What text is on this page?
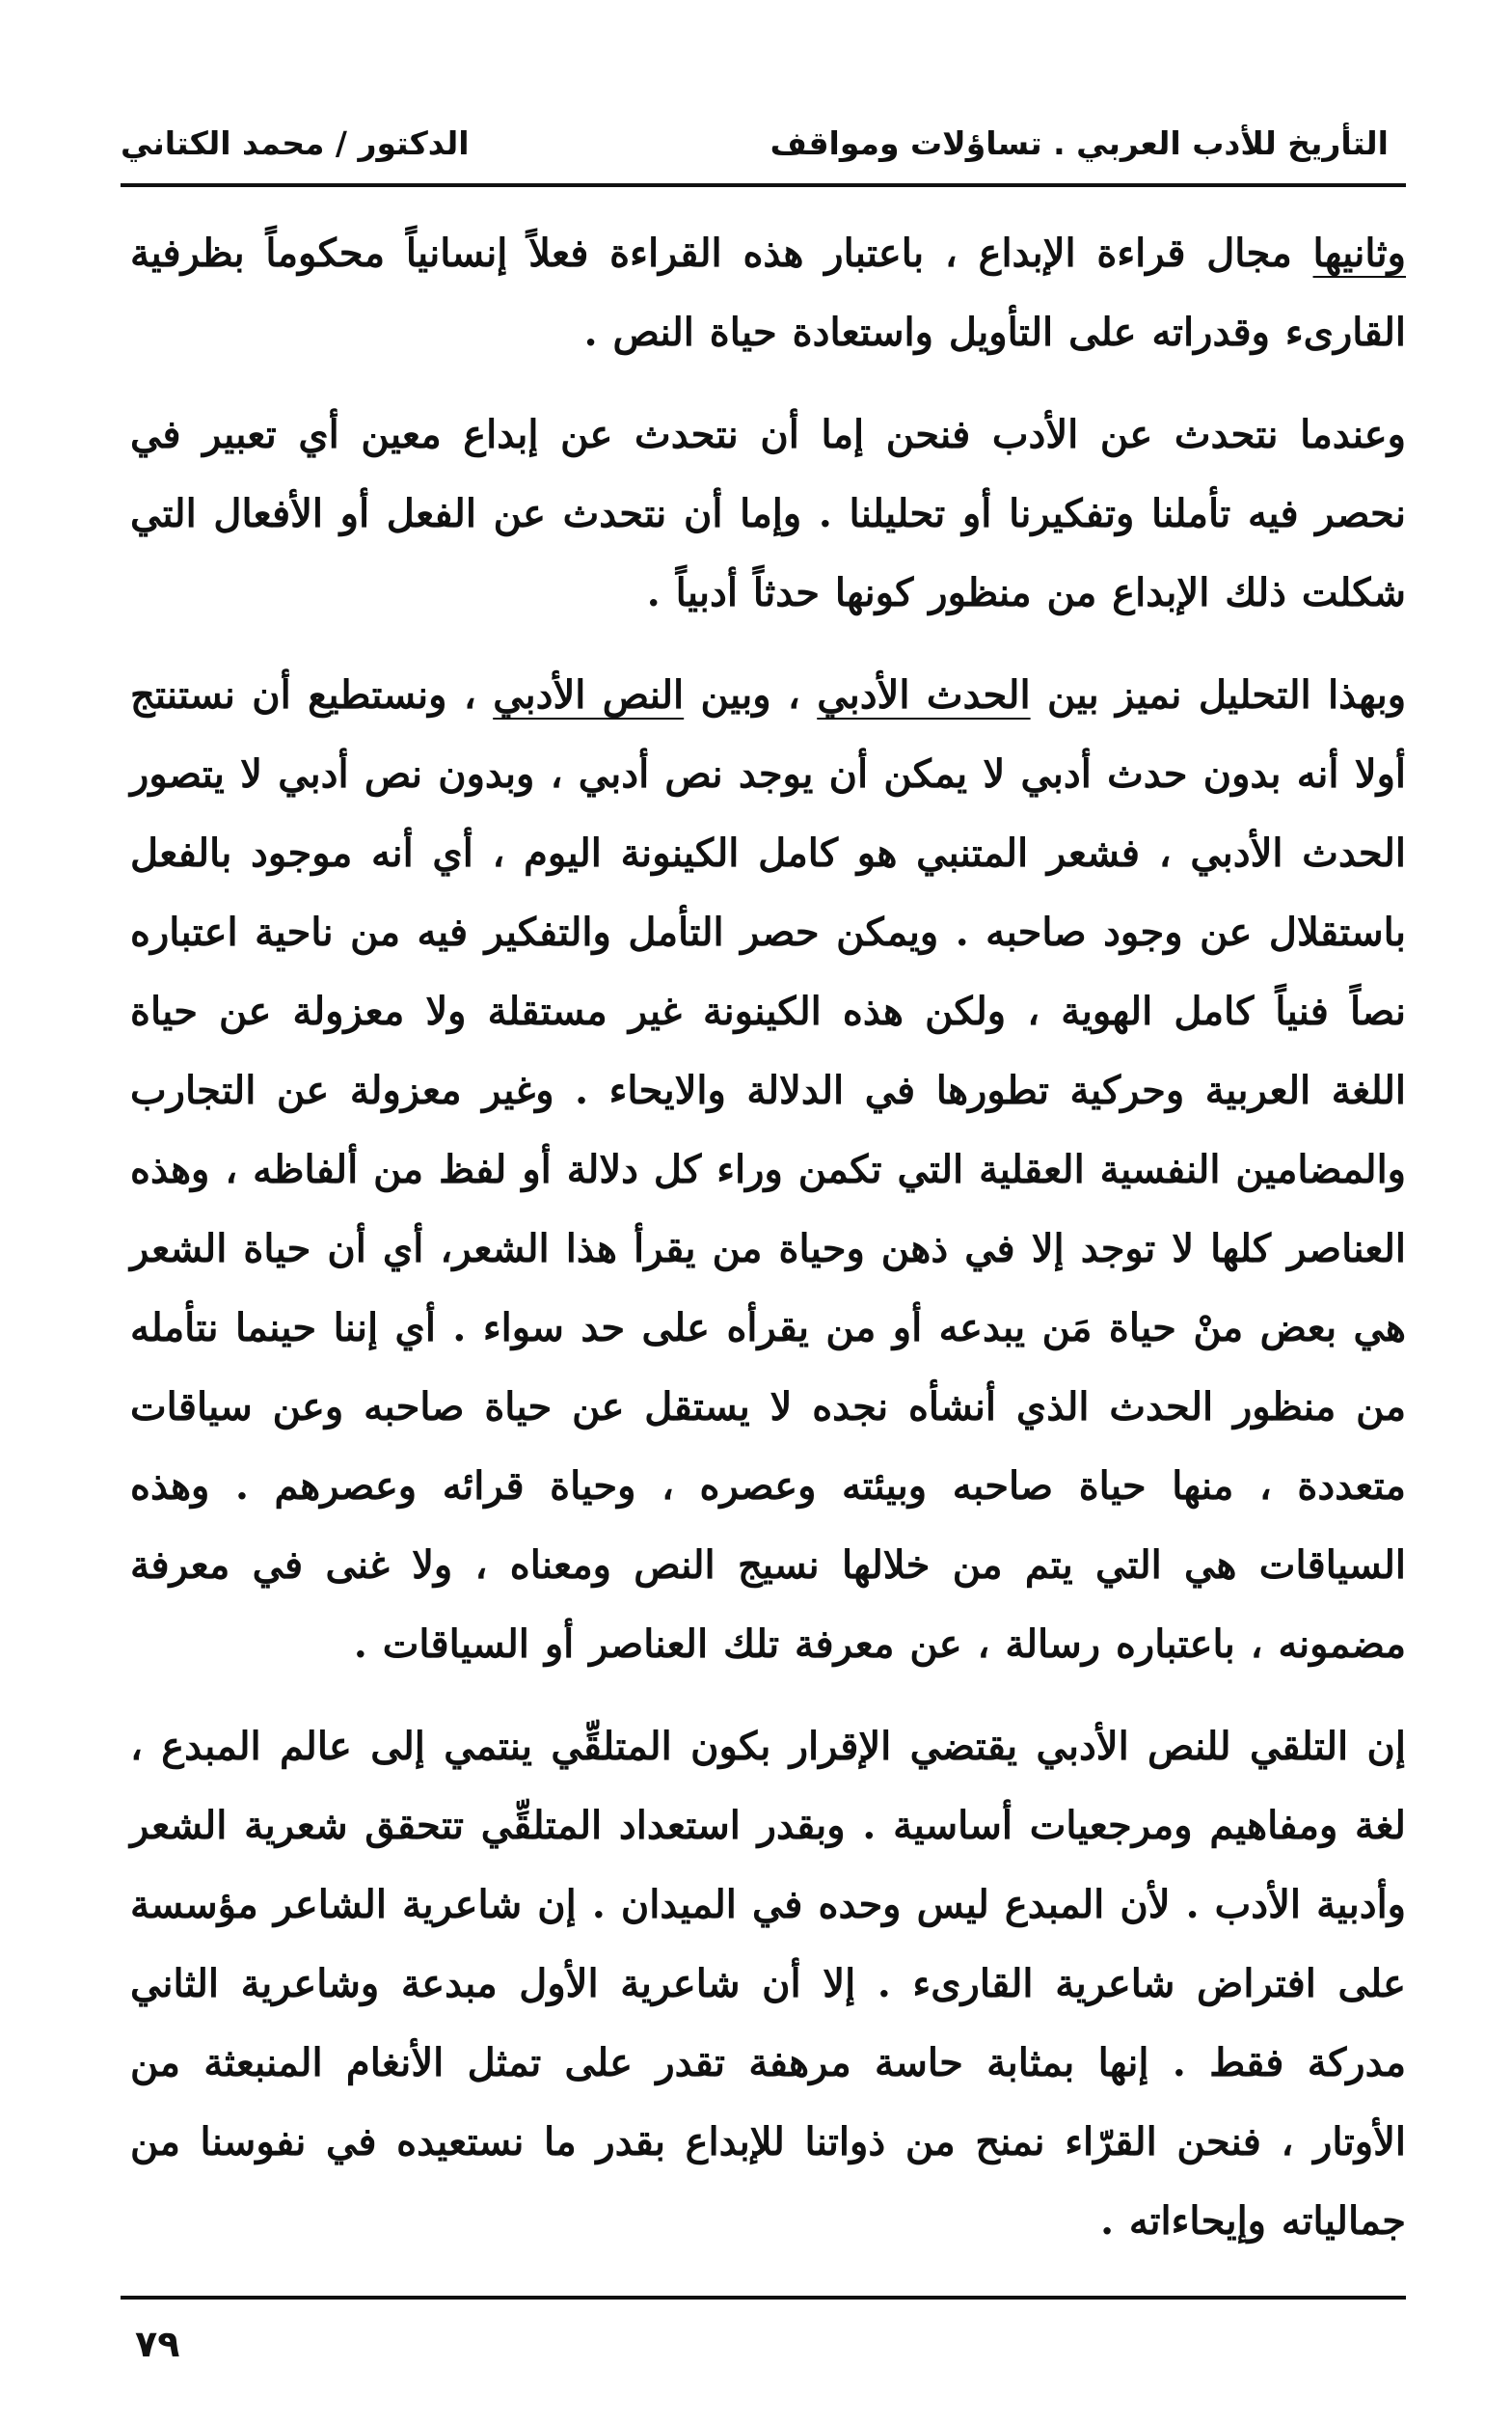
التأريخ للأدب العربي . تساؤلات ومواقف
الدكتور / محمد الكتاني

وثانيها مجال قراءة الإبداع ، باعتبار هذه القراءة فعلاً إنسانياً محكوماً بظرفية القارىء وقدراته على التأويل واستعادة حياة النص .

وعندما نتحدث عن الأدب فنحن إما أن نتحدث عن إبداع معين أي تعبير في نحصر فيه تأملنا وتفكيرنا أو تحليلنا . وإما أن نتحدث عن الفعل أو الأفعال التي شكلت ذلك الإبداع من منظور كونها حدثاً أدبياً .

وبهذا التحليل نميز بين الحدث الأدبي ، وبين النص الأدبي ، ونستطيع أن نستنتج أولا أنه بدون حدث أدبي لا يمكن أن يوجد نص أدبي ، وبدون نص أدبي لا يتصور الحدث الأدبي ، فشعر المتنبي هو كامل الكينونة اليوم ، أي أنه موجود بالفعل باستقلال عن وجود صاحبه . ويمكن حصر التأمل والتفكير فيه من ناحية اعتباره نصاً فنياً كامل الهوية ، ولكن هذه الكينونة غير مستقلة ولا معزولة عن حياة اللغة العربية وحركية تطورها في الدلالة والايحاء . وغير معزولة عن التجارب والمضامين النفسية العقلية التي تكمن وراء كل دلالة أو لفظ من ألفاظه ، وهذه العناصر كلها لا توجد إلا في ذهن وحياة من يقرأ هذا الشعر، أي أن حياة الشعر هي بعض منْ حياة مَن يبدعه أو من يقرأه على حد سواء . أي إننا حينما نتأمله من منظور الحدث الذي أنشأه نجده لا يستقل عن حياة صاحبه وعن سياقات متعددة ، منها حياة صاحبه وبيئته وعصره ، وحياة قرائه وعصرهم . وهذه السياقات هي التي يتم من خلالها نسيج النص ومعناه ، ولا غنى في معرفة مضمونه ، باعتباره رسالة ، عن معرفة تلك العناصر أو السياقات .

إن التلقي للنص الأدبي يقتضي الإقرار بكون المتلقِّي ينتمي إلى عالم المبدع ، لغة ومفاهيم ومرجعيات أساسية . وبقدر استعداد المتلقِّي تتحقق شعرية الشعر وأدبية الأدب . لأن المبدع ليس وحده في الميدان . إن شاعرية الشاعر مؤسسة على افتراض شاعرية القارىء . إلا أن شاعرية الأول مبدعة وشاعرية الثاني مدركة فقط . إنها بمثابة حاسة مرهفة تقدر على تمثل الأنغام المنبعثة من الأوتار ، فنحن القرّاء نمنح من ذواتنا للإبداع بقدر ما نستعيده في نفوسنا من جمالياته وإيحاءاته .

٧٩
